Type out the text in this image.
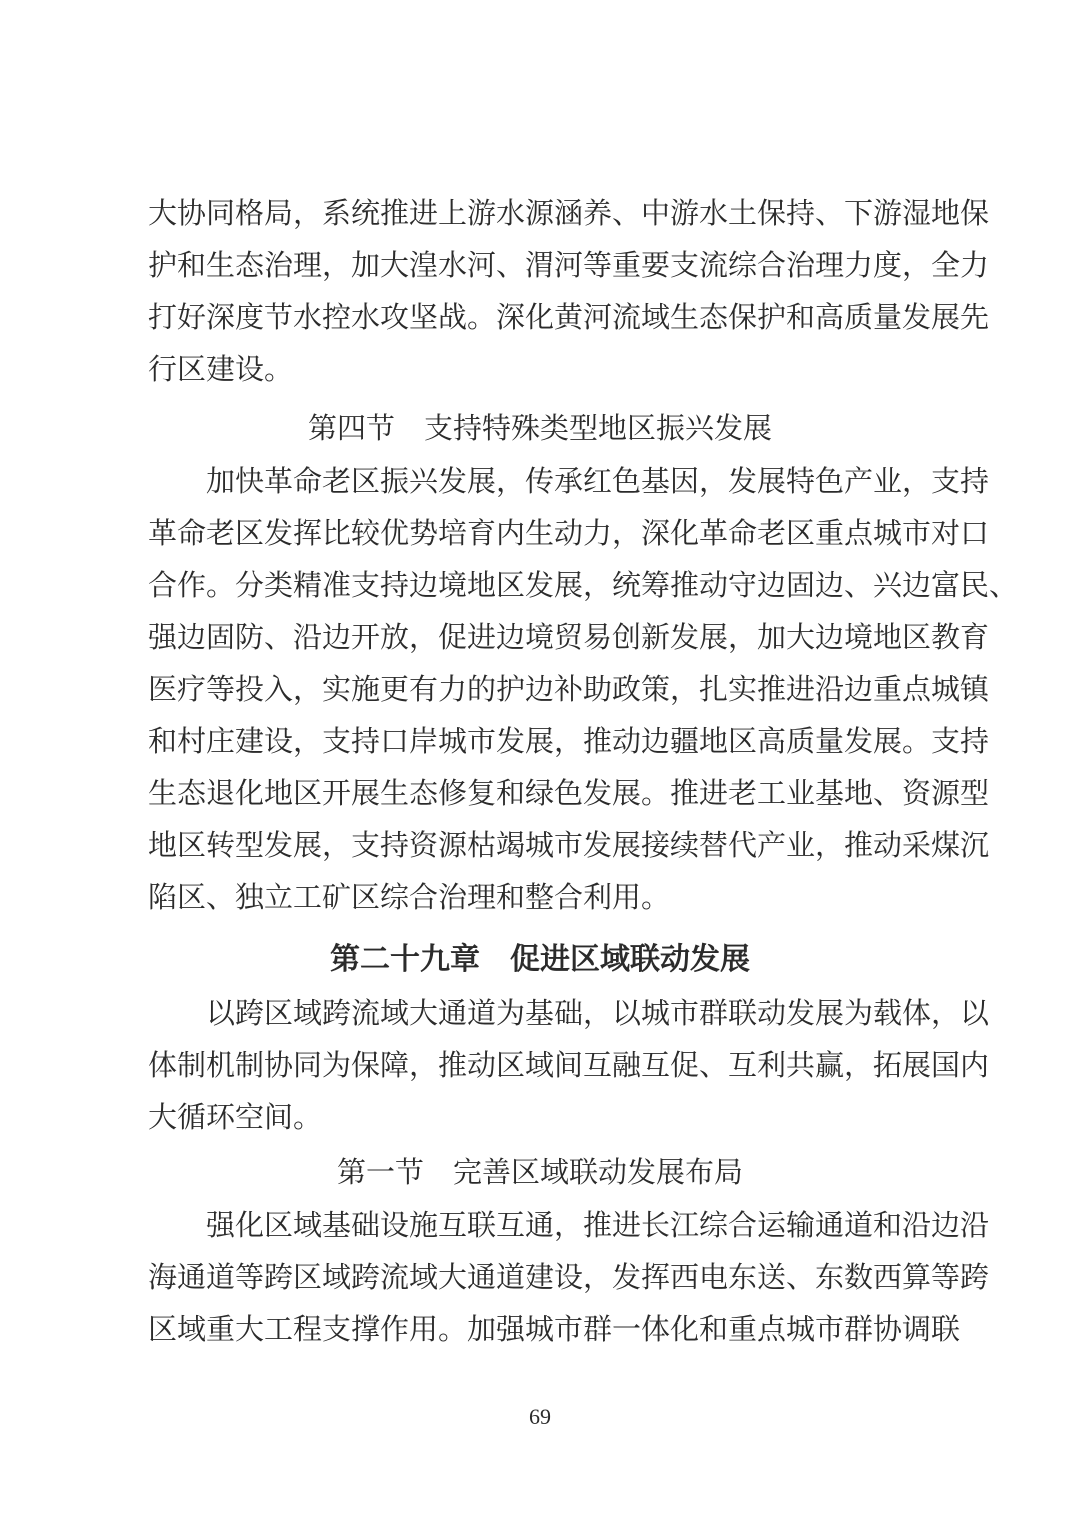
大协同格局，系统推进上游水源涵养、中游水土保持、下游湿地保
护和生态治理，加大湟水河、渭河等重要支流综合治理力度，全力
打好深度节水控水攻坚战。深化黄河流域生态保护和高质量发展先
行区建设。
第四节　支持特殊类型地区振兴发展
加快革命老区振兴发展，传承红色基因，发展特色产业，支持
革命老区发挥比较优势培育内生动力，深化革命老区重点城市对口
合作。分类精准支持边境地区发展，统筹推动守边固边、兴边富民、
强边固防、沿边开放，促进边境贸易创新发展，加大边境地区教育
医疗等投入，实施更有力的护边补助政策，扎实推进沿边重点城镇
和村庄建设，支持口岸城市发展，推动边疆地区高质量发展。支持
生态退化地区开展生态修复和绿色发展。推进老工业基地、资源型
地区转型发展，支持资源枯竭城市发展接续替代产业，推动采煤沉
陷区、独立工矿区综合治理和整合利用。
第二十九章　促进区域联动发展
以跨区域跨流域大通道为基础，以城市群联动发展为载体，以
体制机制协同为保障，推动区域间互融互促、互利共赢，拓展国内
大循环空间。
第一节　完善区域联动发展布局
强化区域基础设施互联互通，推进长江综合运输通道和沿边沿
海通道等跨区域跨流域大通道建设，发挥西电东送、东数西算等跨
区域重大工程支撑作用。加强城市群一体化和重点城市群协调联
69
